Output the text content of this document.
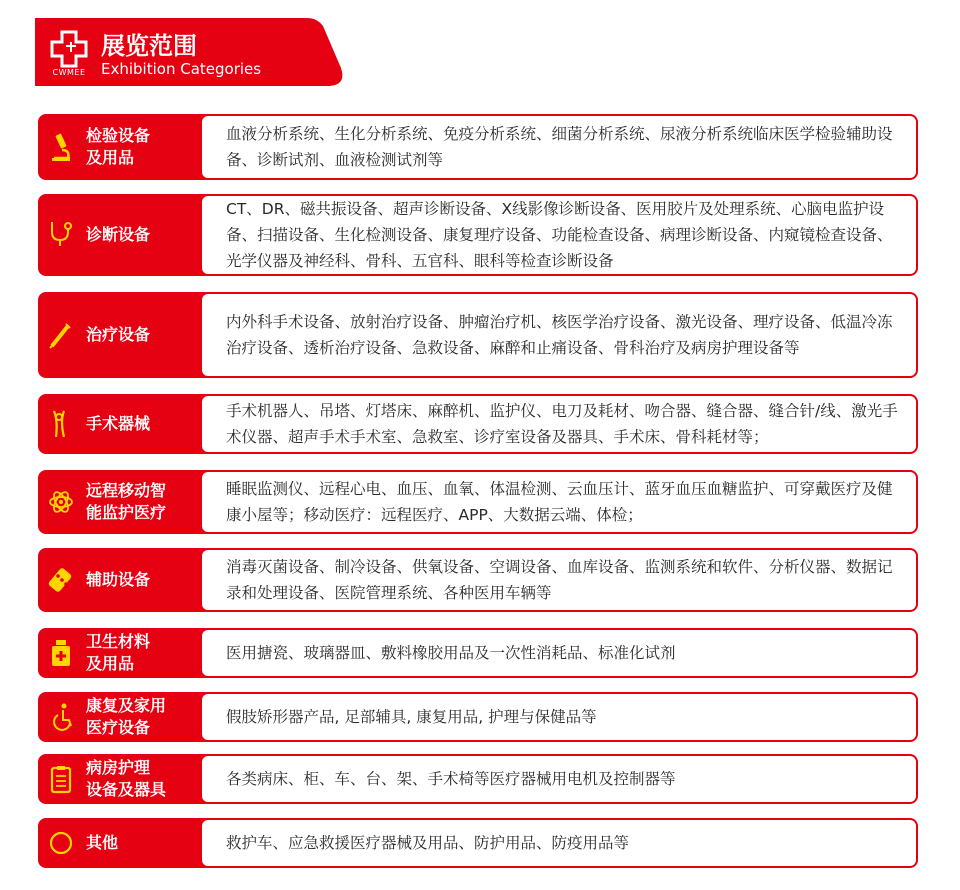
CWMEE
展览范围
Exhibition Categories
检验设备
及用品
血液分析系统、生化分析系统、免疫分析系统、细菌分析系统、尿液分析系统临床医学检验辅助设备、诊断试剂、血液检测试剂等
诊断设备
CT、DR、磁共振设备、超声诊断设备、X线影像诊断设备、医用胶片及处理系统、心脑电监护设备、扫描设备、生化检测设备、康复理疗设备、功能检查设备、病理诊断设备、内窥镜检查设备、光学仪器及神经科、骨科、五官科、眼科等检查诊断设备
治疗设备
内外科手术设备、放射治疗设备、肿瘤治疗机、核医学治疗设备、激光设备、理疗设备、低温冷冻治疗设备、透析治疗设备、急救设备、麻醉和止痛设备、骨科治疗及病房护理设备等
手术器械
手术机器人、吊塔、灯塔床、麻醉机、监护仪、电刀及耗材、吻合器、缝合器、缝合针/线、激光手术仪器、超声手术手术室、急救室、诊疗室设备及器具、手术床、骨科耗材等；
远程移动智
能监护医疗
睡眠监测仪、远程心电、血压、血氧、体温检测、云血压计、蓝牙血压血糖监护、可穿戴医疗及健康小屋等；移动医疗：远程医疗、APP、大数据云端、体检；
辅助设备
消毒灭菌设备、制冷设备、供氧设备、空调设备、血库设备、监测系统和软件、分析仪器、数据记录和处理设备、医院管理系统、各种医用车辆等
卫生材料
及用品
医用搪瓷、玻璃器皿、敷料橡胶用品及一次性消耗品、标准化试剂
康复及家用
医疗设备
假肢矫形器产品, 足部辅具, 康复用品, 护理与保健品等
病房护理
设备及器具
各类病床、柜、车、台、架、手术椅等医疗器械用电机及控制器等
其他	救护车、应急救援医疗器械及用品、防护用品、防疫用品等
